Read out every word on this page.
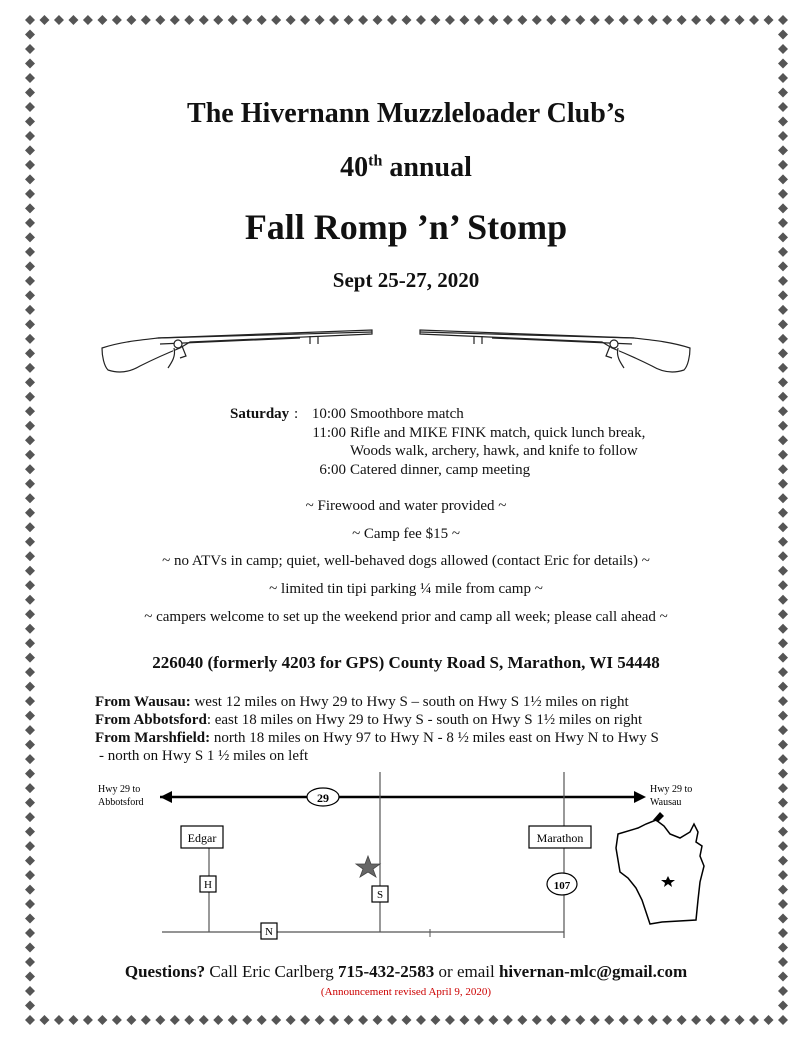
The Hivernann Muzzleloader Club’s
40th annual
Fall Romp ’n’ Stomp
Sept 25-27, 2020
Saturday : 10:00 Smoothbore match
11:00 Rifle and MIKE FINK match, quick lunch break,
Woods walk, archery, hawk, and knife to follow
6:00 Catered dinner, camp meeting
~ Firewood and water provided ~
~ Camp fee $15 ~
~ no ATVs in camp; quiet, well-behaved dogs allowed (contact Eric for details) ~
~ limited tin tipi parking ¼ mile from camp ~
~ campers welcome to set up the weekend prior and camp all week; please call ahead ~
226040 (formerly 4203 for GPS) County Road S, Marathon, WI 54448
From Wausau: west 12 miles on Hwy 29 to Hwy S – south on Hwy S 1½ miles on right
From Abbotsford: east 18 miles on Hwy 29 to Hwy S - south on Hwy S 1½ miles on right
From Marshfield: north 18 miles on Hwy 97 to Hwy N - 8 ½ miles east on Hwy N to Hwy S
- north on Hwy S 1 ½ miles on left
Hwy 29 to
Abbotsford
Hwy 29 to
Wausau
29
Edgar	Marathon
H
S
N
107
Questions? Call Eric Carlberg 715-432-2583 or email hivernan-mlc@gmail.com
(Announcement revised April 9, 2020)
